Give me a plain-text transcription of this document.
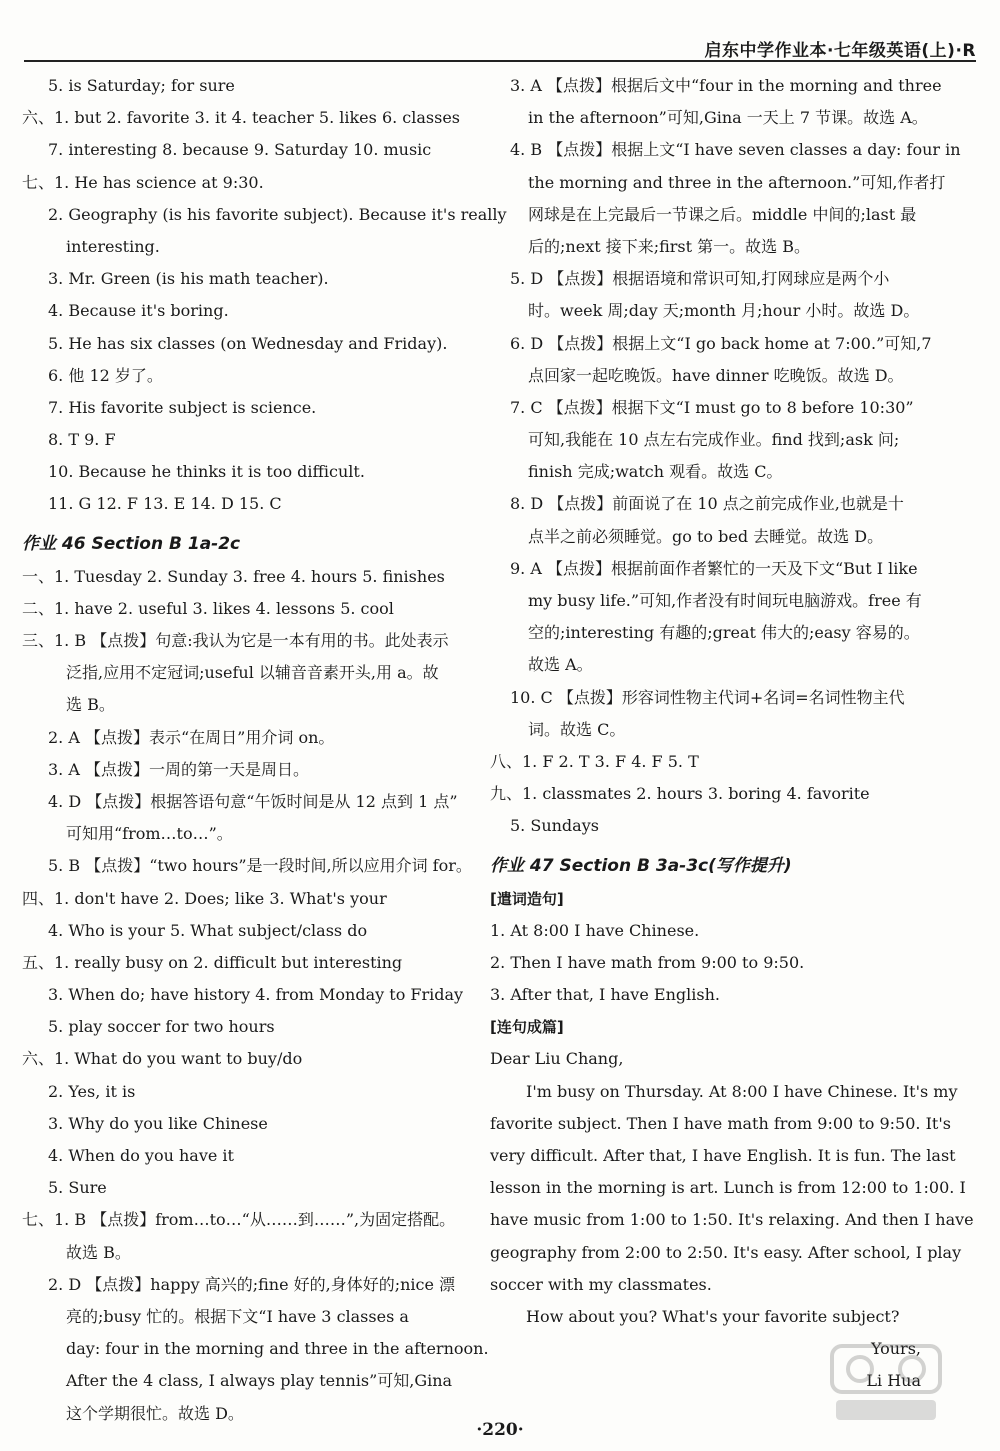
启东中学作业本·七年级英语(上)·R
5. is Saturday; for sure
六、1. but 2. favorite 3. it 4. teacher 5. likes 6. classes
7. interesting 8. because 9. Saturday 10. music
七、1. He has science at 9:30.
2. Geography (is his favorite subject). Because it's really
interesting.
3. Mr. Green (is his math teacher).
4. Because it's boring.
5. He has six classes (on Wednesday and Friday).
6. 他 12 岁了。
7. His favorite subject is science.
8. T 9. F
10. Because he thinks it is too difficult.
11. G 12. F 13. E 14. D 15. C
作业 46 Section B 1a-2c
一、1. Tuesday 2. Sunday 3. free 4. hours 5. finishes
二、1. have 2. useful 3. likes 4. lessons 5. cool
三、1. B 【点拨】句意:我认为它是一本有用的书。此处表示
泛指,应用不定冠词;useful 以辅音音素开头,用 a。故
选 B。
2. A 【点拨】表示“在周日”用介词 on。
3. A 【点拨】一周的第一天是周日。
4. D 【点拨】根据答语句意“午饭时间是从 12 点到 1 点”
可知用“from…to…”。
5. B 【点拨】“two hours”是一段时间,所以应用介词 for。
四、1. don't have 2. Does; like 3. What's your
4. Who is your 5. What subject/class do
五、1. really busy on 2. difficult but interesting
3. When do; have history 4. from Monday to Friday
5. play soccer for two hours
六、1. What do you want to buy/do
2. Yes, it is
3. Why do you like Chinese
4. When do you have it
5. Sure
七、1. B 【点拨】from…to…“从……到……”,为固定搭配。
故选 B。
2. D 【点拨】happy 高兴的;fine 好的,身体好的;nice 漂
亮的;busy 忙的。根据下文“I have 3 classes a
day: four in the morning and three in the afternoon.
After the 4 class, I always play tennis”可知,Gina
这个学期很忙。故选 D。
3. A 【点拨】根据后文中“four in the morning and three
in the afternoon”可知,Gina 一天上 7 节课。故选 A。
4. B 【点拨】根据上文“I have seven classes a day: four in
the morning and three in the afternoon.”可知,作者打
网球是在上完最后一节课之后。middle 中间的;last 最
后的;next 接下来;first 第一。故选 B。
5. D 【点拨】根据语境和常识可知,打网球应是两个小
时。week 周;day 天;month 月;hour 小时。故选 D。
6. D 【点拨】根据上文“I go back home at 7:00.”可知,7
点回家一起吃晚饭。have dinner 吃晚饭。故选 D。
7. C 【点拨】根据下文“I must go to 8 before 10:30”
可知,我能在 10 点左右完成作业。find 找到;ask 问;
finish 完成;watch 观看。故选 C。
8. D 【点拨】前面说了在 10 点之前完成作业,也就是十
点半之前必须睡觉。go to bed 去睡觉。故选 D。
9. A 【点拨】根据前面作者繁忙的一天及下文“But I like
my busy life.”可知,作者没有时间玩电脑游戏。free 有
空的;interesting 有趣的;great 伟大的;easy 容易的。
故选 A。
10. C 【点拨】形容词性物主代词+名词=名词性物主代
词。故选 C。
八、1. F 2. T 3. F 4. F 5. T
九、1. classmates 2. hours 3. boring 4. favorite
5. Sundays
作业 47 Section B 3a-3c(写作提升)
[遣词造句]
1. At 8:00 I have Chinese.
2. Then I have math from 9:00 to 9:50.
3. After that, I have English.
[连句成篇]
Dear Liu Chang,
I'm busy on Thursday. At 8:00 I have Chinese. It's my
favorite subject. Then I have math from 9:00 to 9:50. It's
very difficult. After that, I have English. It is fun. The last
lesson in the morning is art. Lunch is from 12:00 to 1:00. I
have music from 1:00 to 1:50. It's relaxing. And then I have
geography from 2:00 to 2:50. It's easy. After school, I play
soccer with my classmates.
How about you? What's your favorite subject?
Yours,
Li Hua
·220·
